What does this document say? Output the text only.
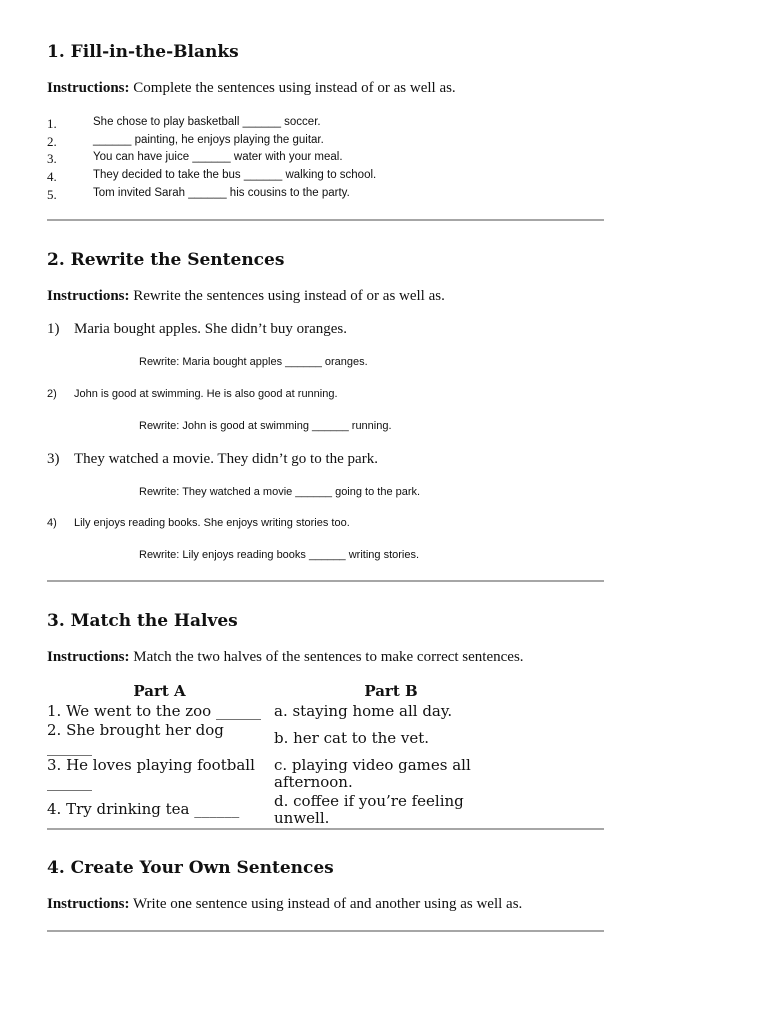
1. Fill-in-the-Blanks
Instructions: Complete the sentences using instead of or as well as.
1.	She chose to play basketball ______ soccer.
2.	______ painting, he enjoys playing the guitar.
3.	You can have juice ______ water with your meal.
4.	They decided to take the bus ______ walking to school.
5.	Tom invited Sarah ______ his cousins to the party.
2. Rewrite the Sentences
Instructions: Rewrite the sentences using instead of or as well as.
1) Maria bought apples. She didn’t buy oranges.
Rewrite: Maria bought apples ______ oranges.
2) John is good at swimming. He is also good at running.
Rewrite: John is good at swimming ______ running.
3) They watched a movie. They didn’t go to the park.
Rewrite: They watched a movie ______ going to the park.
4) Lily enjoys reading books. She enjoys writing stories too.
Rewrite: Lily enjoys reading books ______ writing stories.
3. Match the Halves
Instructions: Match the two halves of the sentences to make correct sentences.
Part A	Part B
1. We went to the zoo ______ a. staying home all day.
2. She brought her dog ______	b. her cat to the vet.
3. He loves playing football ______
c. playing video games all afternoon.
4. Try drinking tea ______	d. coffee if you’re feeling unwell.
4. Create Your Own Sentences
Instructions: Write one sentence using instead of and another using as well as.
